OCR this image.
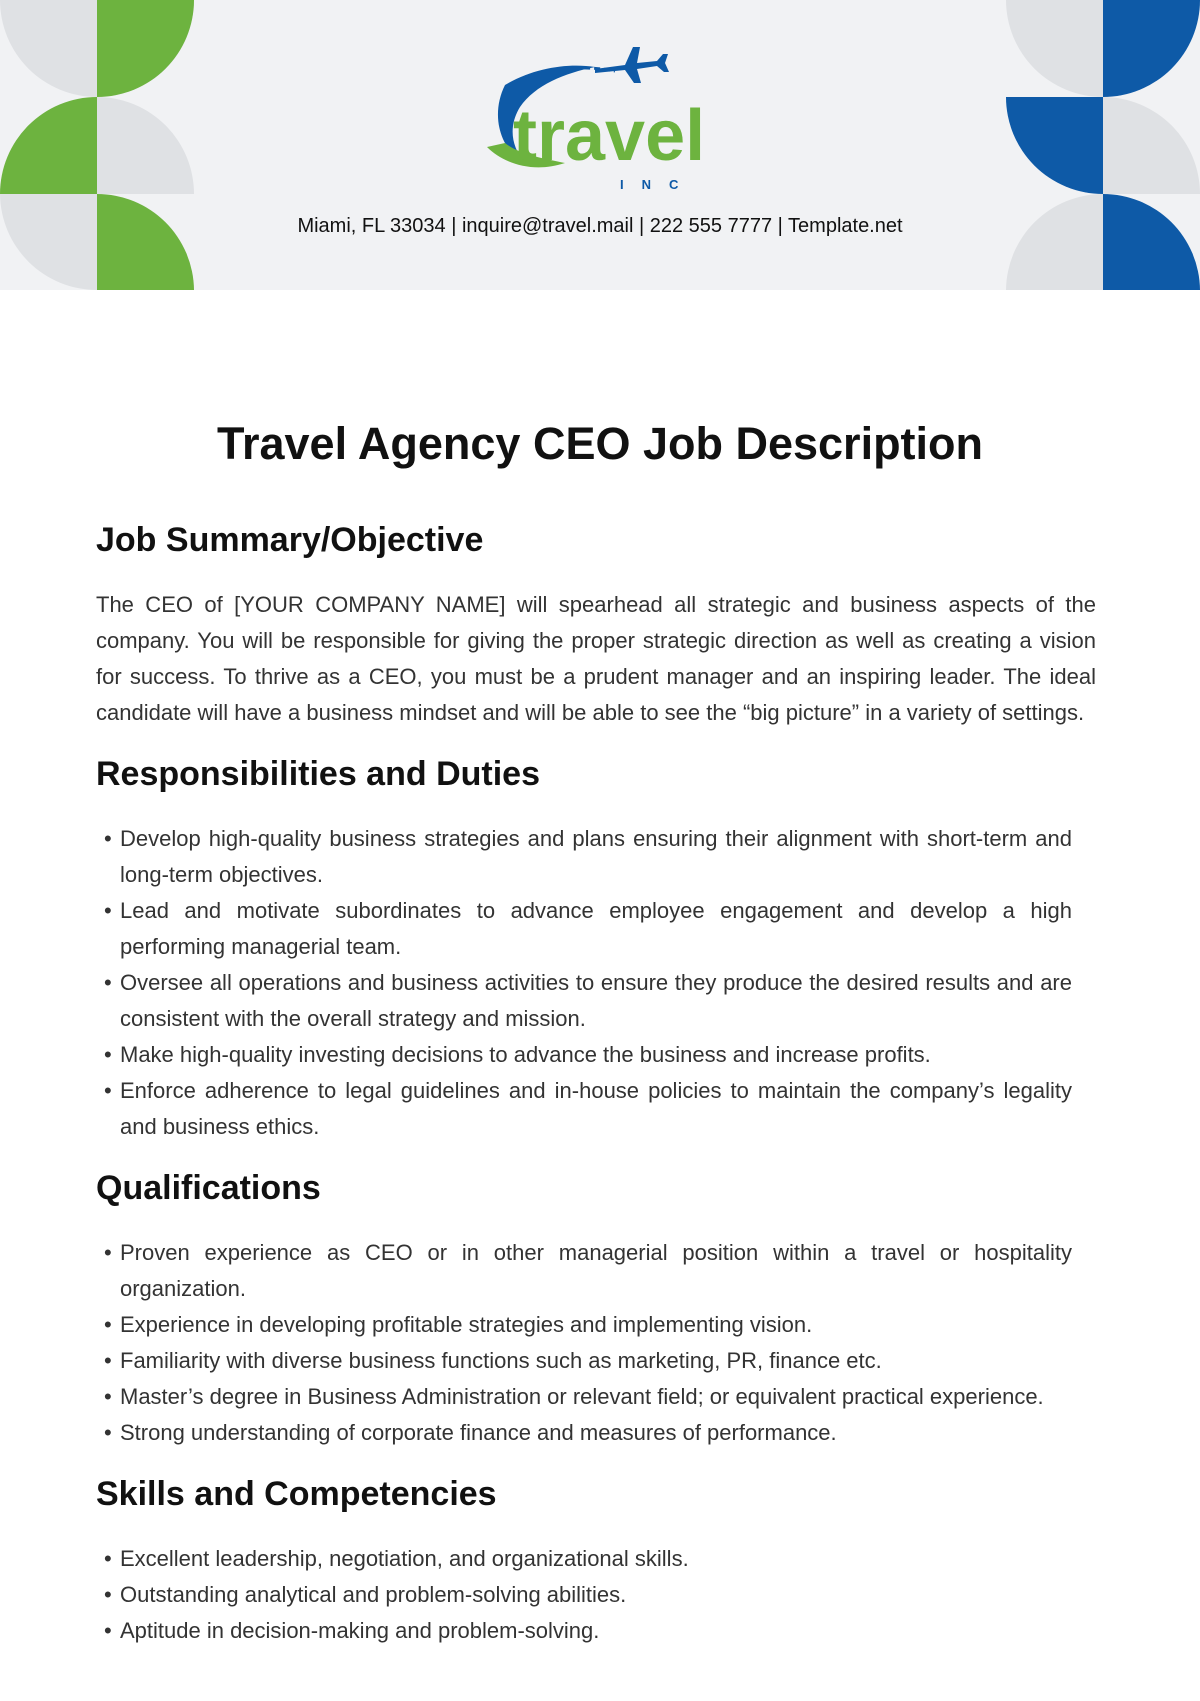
travel
INC
Miami, FL 33034 | inquire@travel.mail | 222 555 7777 | Template.net
Travel Agency CEO Job Description
Job Summary/Objective

The CEO of [YOUR COMPANY NAME] will spearhead all strategic and business aspects of the company. You will be responsible for giving the proper strategic direction as well as creating a vision for success. To thrive as a CEO, you must be a prudent manager and an inspiring leader. The ideal candidate will have a business mindset and will be able to see the “big picture” in a variety of settings.

Responsibilities and Duties
• Develop high-quality business strategies and plans ensuring their alignment with short-term and long-term objectives.
• Lead and motivate subordinates to advance employee engagement and develop a high performing managerial team.
• Oversee all operations and business activities to ensure they produce the desired results and are consistent with the overall strategy and mission.
• Make high-quality investing decisions to advance the business and increase profits.
• Enforce adherence to legal guidelines and in-house policies to maintain the company’s legality and business ethics.
Qualifications
• Proven experience as CEO or in other managerial position within a travel or hospitality organization.
• Experience in developing profitable strategies and implementing vision.
• Familiarity with diverse business functions such as marketing, PR, finance etc.
• Master’s degree in Business Administration or relevant field; or equivalent practical experience.
• Strong understanding of corporate finance and measures of performance.
Skills and Competencies
• Excellent leadership, negotiation, and organizational skills.
• Outstanding analytical and problem-solving abilities.
• Aptitude in decision-making and problem-solving.
